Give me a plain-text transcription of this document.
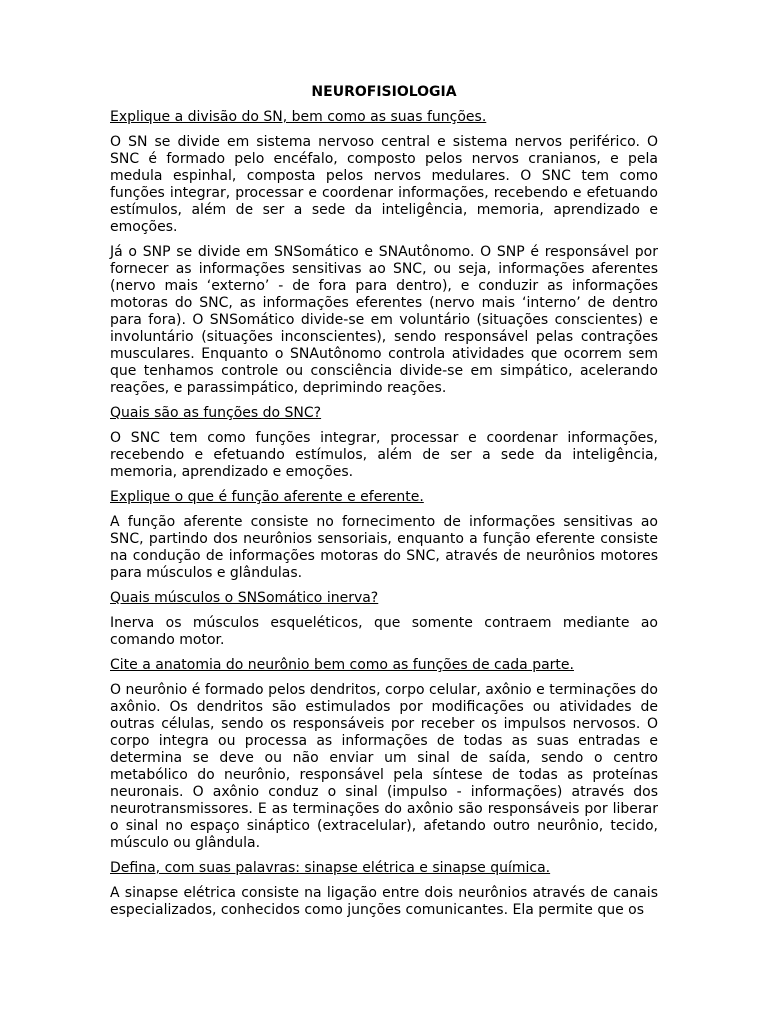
NEUROFISIOLOGIA
Explique a divisão do SN, bem como as suas funções.
O SN se divide em sistema nervoso central e sistema nervos periférico. O SNC é formado pelo encéfalo, composto pelos nervos cranianos, e pela medula espinhal, composta pelos nervos medulares. O SNC tem como funções integrar, processar e coordenar informações, recebendo e efetuando estímulos, além de ser a sede da inteligência, memoria, aprendizado e emoções.
Já o SNP se divide em SNSomático e SNAutônomo. O SNP é responsável por fornecer as informações sensitivas ao SNC, ou seja, informações aferentes (nervo mais ‘externo’ - de fora para dentro), e conduzir as informações motoras do SNC, as informações eferentes (nervo mais ‘interno’ de dentro para fora). O SNSomático divide-se em voluntário (situações conscientes) e involuntário (situações inconscientes), sendo responsável pelas contrações musculares. Enquanto o SNAutônomo controla atividades que ocorrem sem que tenhamos controle ou consciência divide-se em simpático, acelerando reações, e parassimpático, deprimindo reações.
Quais são as funções do SNC?
O SNC tem como funções integrar, processar e coordenar informações, recebendo e efetuando estímulos, além de ser a sede da inteligência, memoria, aprendizado e emoções.
Explique o que é função aferente e eferente.
A função aferente consiste no fornecimento de informações sensitivas ao SNC, partindo dos neurônios sensoriais, enquanto a função eferente consiste na condução de informações motoras do SNC, através de neurônios motores para músculos e glândulas.
Quais músculos o SNSomático inerva?
Inerva os músculos esqueléticos, que somente contraem mediante ao comando motor.
Cite a anatomia do neurônio bem como as funções de cada parte.
O neurônio é formado pelos dendritos, corpo celular, axônio e terminações do axônio. Os dendritos são estimulados por modificações ou atividades de outras células, sendo os responsáveis por receber os impulsos nervosos. O corpo integra ou processa as informações de todas as suas entradas e determina se deve ou não enviar um sinal de saída, sendo o centro metabólico do neurônio, responsável pela síntese de todas as proteínas neuronais. O axônio conduz o sinal (impulso - informações) através dos neurotransmissores. E as terminações do axônio são responsáveis por liberar o sinal no espaço sináptico (extracelular), afetando outro neurônio, tecido, músculo ou glândula.
Defina, com suas palavras: sinapse elétrica e sinapse química.
A sinapse elétrica consiste na ligação entre dois neurônios através de canais especializados, conhecidos como junções comunicantes. Ela permite que os
